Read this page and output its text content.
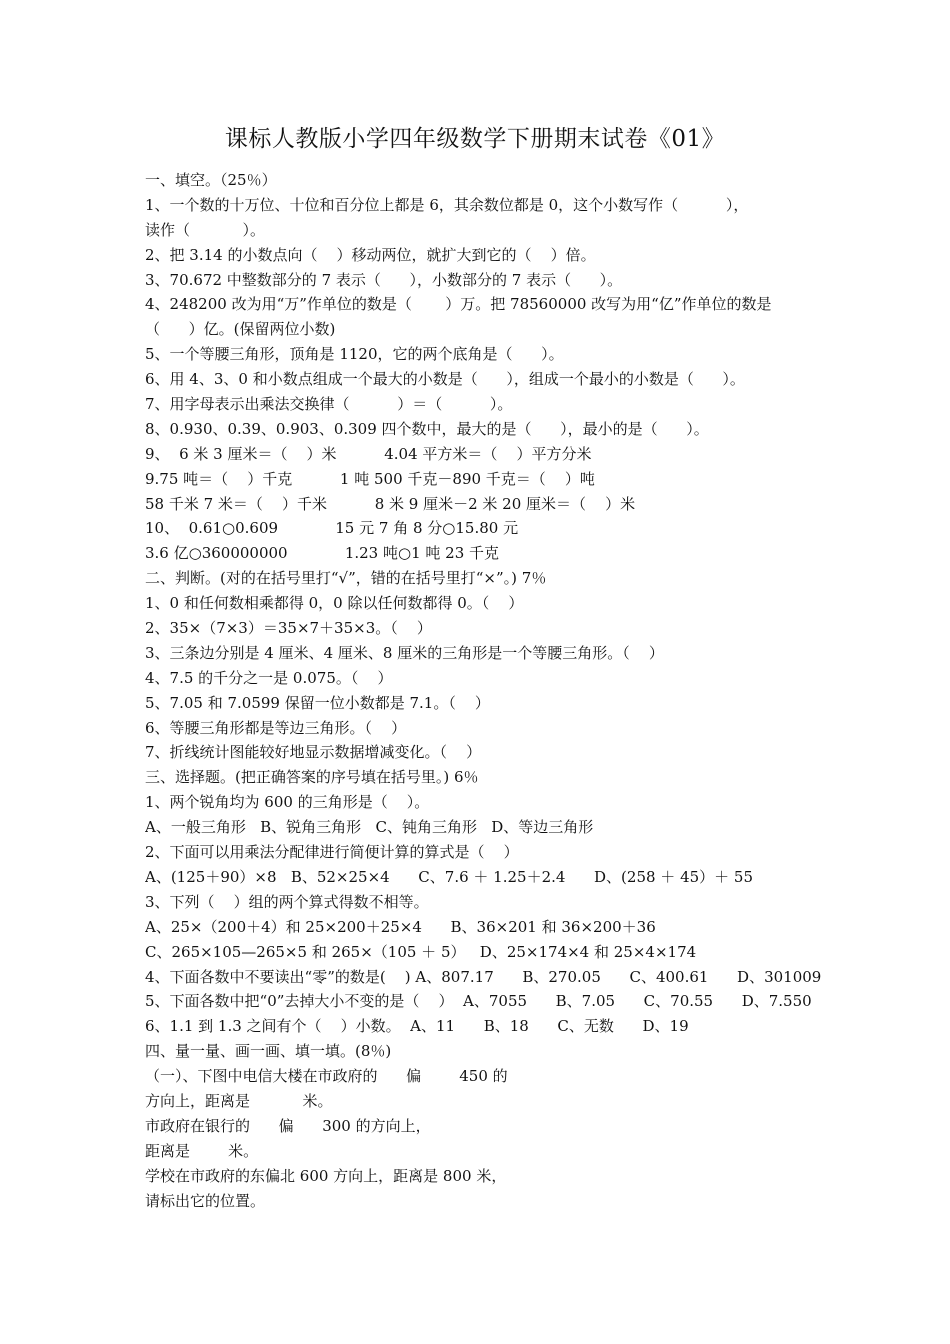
课标人教版小学四年级数学下册期末试卷《01》
一、填空。（25％）
1、一个数的十万位、十位和百分位上都是 6，其余数位都是 0，这个小数写作（          ），
读作（           ）。
2、把 3.14 的小数点向（    ）移动两位，就扩大到它的（    ）倍。
3、70.672 中整数部分的 7 表示（      ），小数部分的 7 表示（      ）。
4、248200 改为用“万”作单位的数是（       ）万。把 78560000 改写为用“亿”作单位的数是
（      ）亿。(保留两位小数)
5、一个等腰三角形，顶角是 1120，它的两个底角是（      ）。
6、用 4、3、0 和小数点组成一个最大的小数是（      ），组成一个最小的小数是（      ）。
7、用字母表示出乘法交换律（          ）＝（          ）。
8、0.930、0.39、0.903、0.309 四个数中，最大的是（      ），最小的是（      ）。
9、  6 米 3 厘米＝（    ）米          4.04 平方米＝（    ）平方分米
9.75 吨＝（    ）千克          1 吨 500 千克－890 千克＝（    ）吨
58 千米 7 米＝（    ）千米          8 米 9 厘米－2 米 20 厘米＝（    ）米
10、  0.61○0.609            15 元 7 角 8 分○15.80 元
3.6 亿○360000000            1.23 吨○1 吨 23 千克
二、判断。(对的在括号里打“√”，错的在括号里打“×”。) 7％
1、0 和任何数相乘都得 0，0 除以任何数都得 0。（    ）
2、35×（7×3）＝35×7＋35×3。（    ）
3、三条边分别是 4 厘米、4 厘米、8 厘米的三角形是一个等腰三角形。（    ）
4、7.5 的千分之一是 0.075。（    ）
5、7.05 和 7.0599 保留一位小数都是 7.1。（    ）
6、等腰三角形都是等边三角形。（    ）
7、折线统计图能较好地显示数据增减变化。（    ）
三、选择题。(把正确答案的序号填在括号里。) 6％
1、两个锐角均为 600 的三角形是（    ）。
A、一般三角形   B、锐角三角形   C、钝角三角形   D、等边三角形
2、下面可以用乘法分配律进行简便计算的算式是（    ）
A、(125＋90）×8   B、52×25×4      C、7.6 ＋ 1.25＋2.4      D、(258 ＋ 45）＋ 55
3、下列（    ）组的两个算式得数不相等。
A、25×（200＋4）和 25×200＋25×4      B、36×201 和 36×200＋36
C、265×105—265×5 和 265×（105 ＋ 5）   D、25×174×4 和 25×4×174
4、下面各数中不要读出“零”的数是(    ) A、807.17      B、270.05      C、400.61      D、301009
5、下面各数中把“0”去掉大小不变的是（    ）  A、7055      B、7.05      C、70.55      D、7.550
6、1.1 到 1.3 之间有个（    ）小数。  A、11      B、18      C、无数      D、19
四、量一量、画一画、填一填。(8％)
（一）、下图中电信大楼在市政府的      偏        450 的
方向上，距离是           米。
市政府在银行的      偏      300 的方向上，
距离是        米。
学校在市政府的东偏北 600 方向上，距离是 800 米，
请标出它的位置。
